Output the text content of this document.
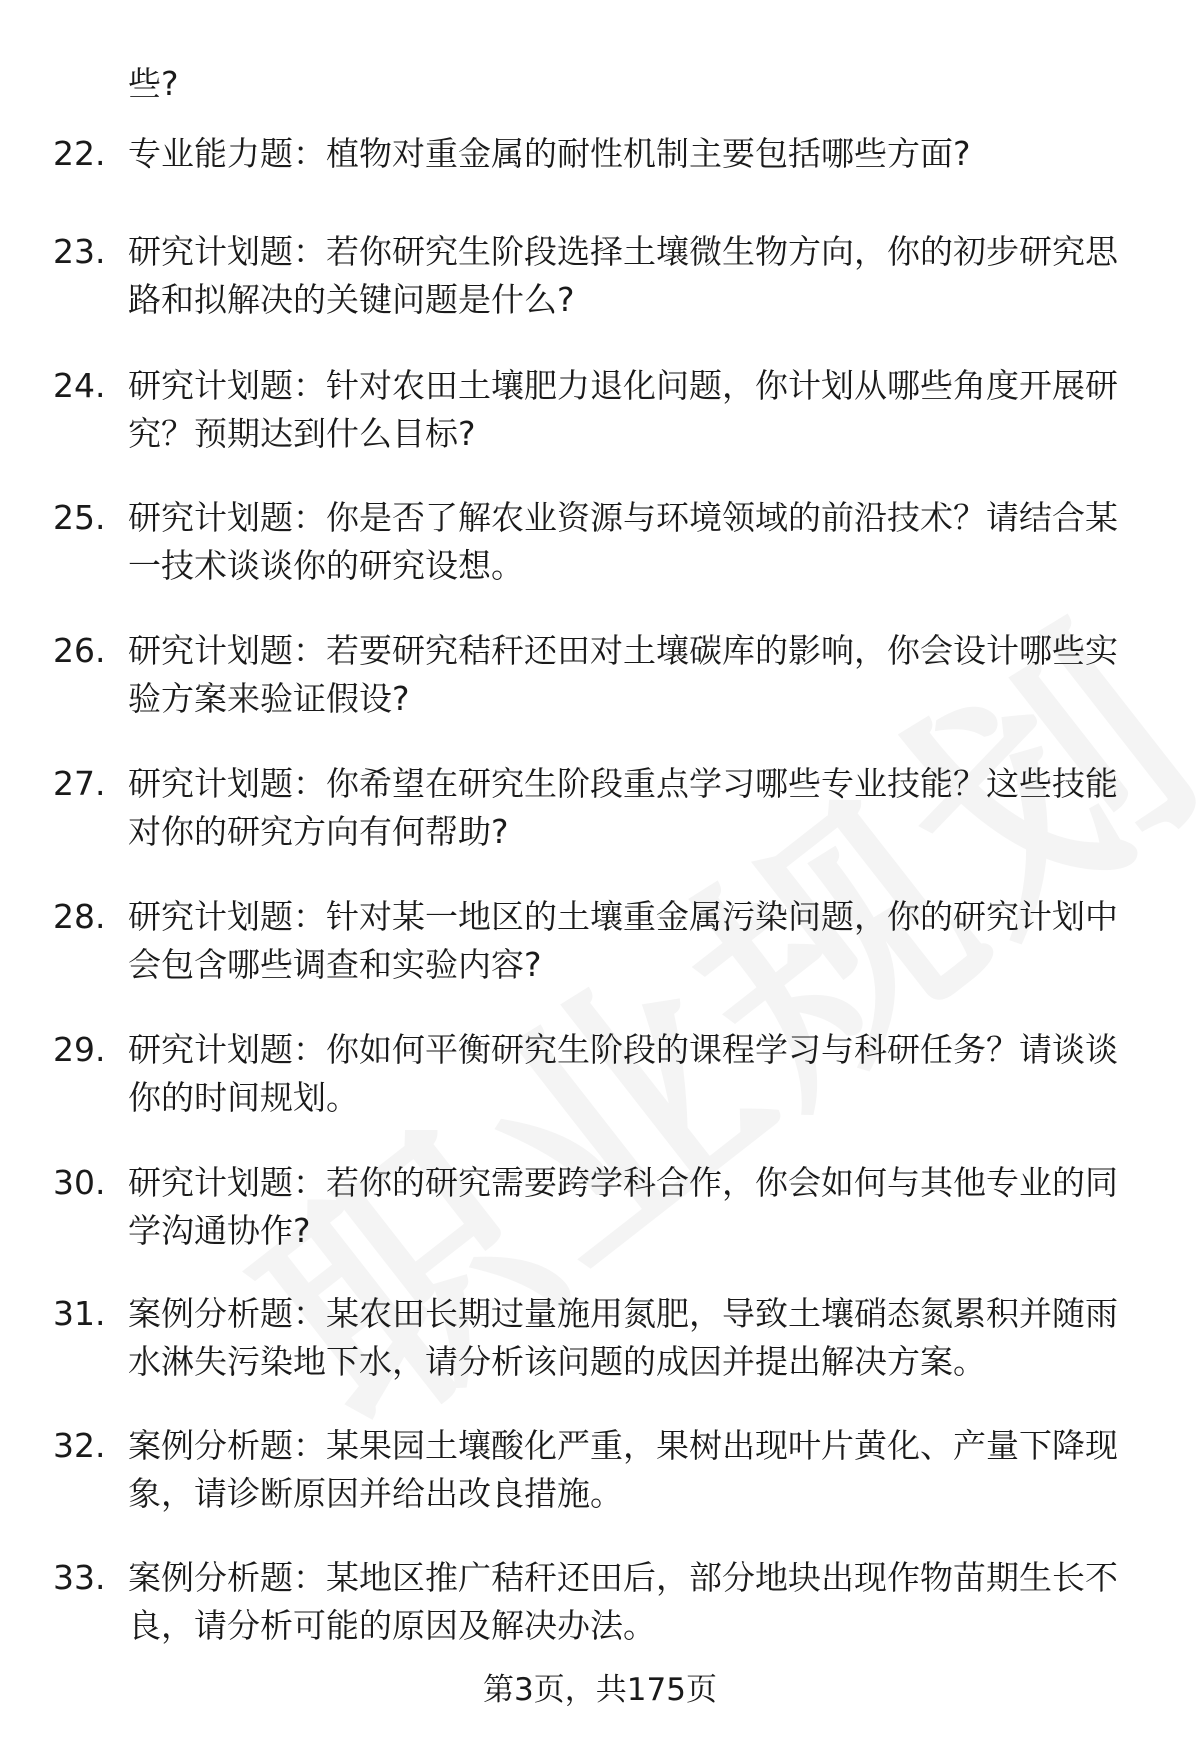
些?
22. 专业能力题：植物对重金属的耐性机制主要包括哪些方面?
23. 研究计划题：若你研究生阶段选择土壤微生物方向，你的初步研究思路和拟解决的关键问题是什么?
24. 研究计划题：针对农田土壤肥力退化问题，你计划从哪些角度开展研究？预期达到什么目标?
25. 研究计划题：你是否了解农业资源与环境领域的前沿技术？请结合某一技术谈谈你的研究设想。
26. 研究计划题：若要研究秸秆还田对土壤碳库的影响，你会设计哪些实验方案来验证假设?
27. 研究计划题：你希望在研究生阶段重点学习哪些专业技能？这些技能对你的研究方向有何帮助?
28. 研究计划题：针对某一地区的土壤重金属污染问题，你的研究计划中会包含哪些调查和实验内容?
29. 研究计划题：你如何平衡研究生阶段的课程学习与科研任务？请谈谈你的时间规划。
30. 研究计划题：若你的研究需要跨学科合作，你会如何与其他专业的同学沟通协作?
31. 案例分析题：某农田长期过量施用氮肥，导致土壤硝态氮累积并随雨水淋失污染地下水，请分析该问题的成因并提出解决方案。
32. 案例分析题：某果园土壤酸化严重，果树出现叶片黄化、产量下降现象，请诊断原因并给出改良措施。
33. 案例分析题：某地区推广秸秆还田后，部分地块出现作物苗期生长不良，请分析可能的原因及解决办法。
第3页，共175页
